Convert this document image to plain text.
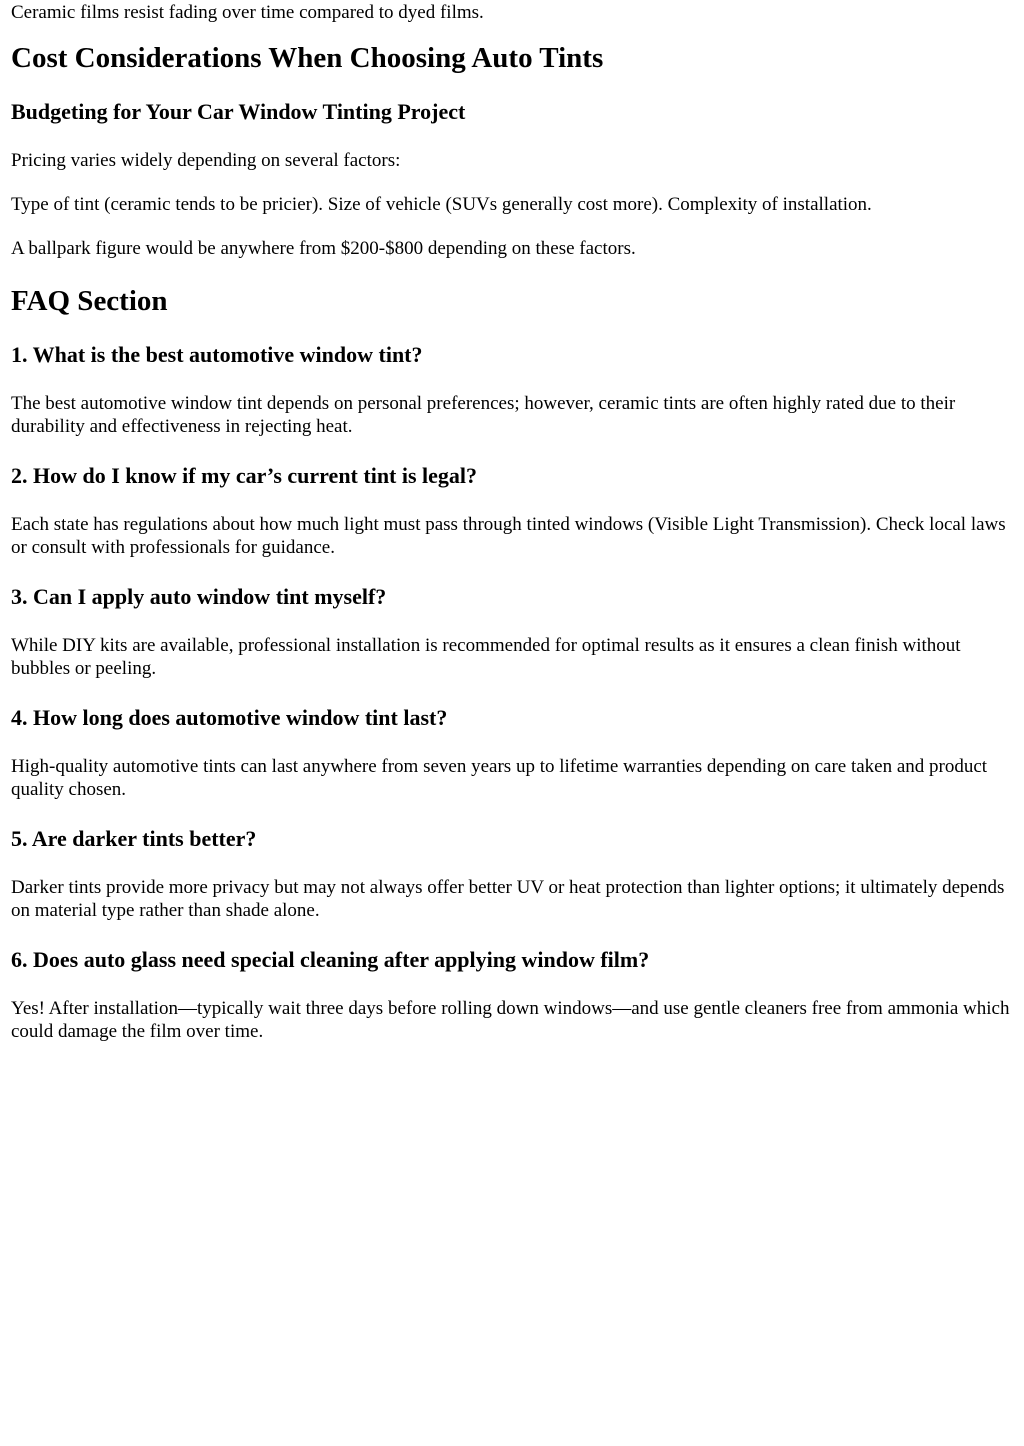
Ceramic films resist fading over time compared to dyed films.

Cost Considerations When Choosing Auto Tints
Budgeting for Your Car Window Tinting Project

Pricing varies widely depending on several factors:

Type of tint (ceramic tends to be pricier). Size of vehicle (SUVs generally cost more). Complexity of installation.

A ballpark figure would be anywhere from $200-$800 depending on these factors.

FAQ Section
1. What is the best automotive window tint?

The best automotive window tint depends on personal preferences; however, ceramic tints are often highly rated due to their durability and effectiveness in rejecting heat.

2. How do I know if my car’s current tint is legal?

Each state has regulations about how much light must pass through tinted windows (Visible Light Transmission). Check local laws or consult with professionals for guidance.

3. Can I apply auto window tint myself?

While DIY kits are available, professional installation is recommended for optimal results as it ensures a clean finish without bubbles or peeling.

4. How long does automotive window tint last?

High-quality automotive tints can last anywhere from seven years up to lifetime warranties depending on care taken and product quality chosen.

5. Are darker tints better?

Darker tints provide more privacy but may not always offer better UV or heat protection than lighter options; it ultimately depends on material type rather than shade alone.

6. Does auto glass need special cleaning after applying window film?

Yes! After installation—typically wait three days before rolling down windows—and use gentle cleaners free from ammonia which could damage the film over time.
